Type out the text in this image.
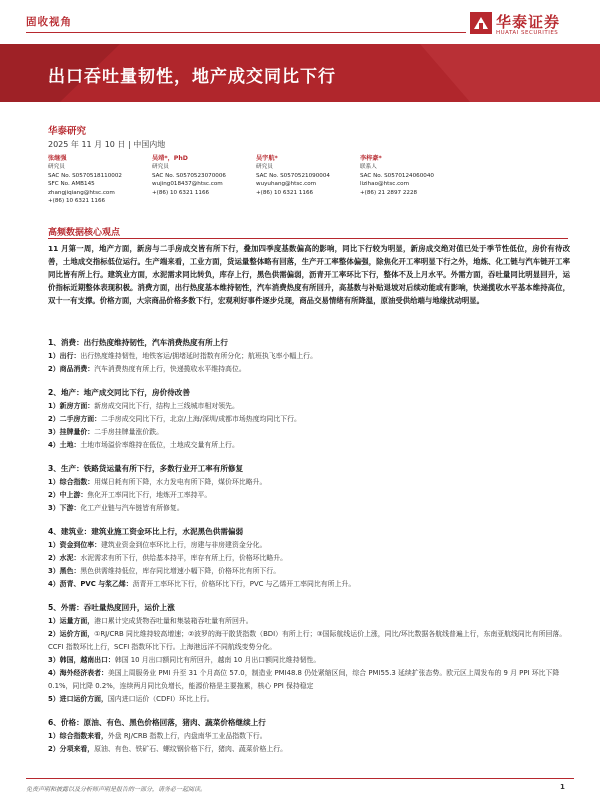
固收视角	华泰证券
HUATAI SECURITIES
出口吞吐量韧性，地产成交同比下行
华泰研究
2025 年 11 月 10 日 | 中国内地
张继强
研究员
SAC No. S0570518110002
SFC No. AMB145
zhangjiqiang@htsc.com
+(86) 10 6321 1166
吴靖*，PhD
研究员
SAC No. S0570523070006
wujing018437@htsc.com
+(86) 10 6321 1166
吴宇航*
研究员
SAC No. S0570521090004
wuyuhang@htsc.com
+(86) 10 6321 1166
李梓豪*
联系人
SAC No. S0570124060040
lizihao@htsc.com
+(86) 21 2897 2228
高频数据核心观点
11 月第一周，地产方面，新房与二手房成交皆有所下行，叠加四季度基数偏高的影响，同比下行较为明显，新房成交绝对值已处于季节性低位，房价有待改善，土地成交指标低位运行。生产端来看，工业方面，货运量整体略有回落，生产开工率整体偏强，除焦化开工率明显下行之外，地炼、化工链与汽车链开工率同比皆有所上行。建筑业方面，水泥需求同比转负，库存上行，黑色供需偏弱，沥青开工率环比下行，整体不及上月水平。外需方面，吞吐量同比明显回升，运价指标近期整体表现积极。消费方面，出行热度基本维持韧性，汽车消费热度有所回升，高基数与补贴退坡对后续动能或有影响，快递揽收水平基本维持高位，双十一有支撑。价格方面，大宗商品价格多数下行，宏观利好事件逐步兑现，商品交易情绪有所降温，原油受供给端与地缘扰动明显。
1、消费：出行热度维持韧性，汽车消费热度有所上行
1）出行：出行热度维持韧性，地铁客运/拥堵延时指数有所分化；航班执飞率小幅上行。
2）商品消费：汽车消费热度有所上行，快递揽收水平维持高位。
2、地产：地产成交同比下行，房价待改善
1）新房方面：新房成交同比下行，结构上三线城市相对领先。
2）二手房方面：二手房成交同比下行，北京/上海/深圳/成都市场热度均同比下行。
3）挂牌量价：二手房挂牌量涨价跌。
4）土地：土地市场溢价率维持在低位，土地成交量有所上行。
3、生产：铁路货运量有所下行，多数行业开工率有所修复
1）综合指数：用煤日耗有所下降，水力发电有所下降，煤价环比略升。
2）中上游：焦化开工率同比下行，地炼开工率持平。
3）下游：化工产业链与汽车链皆有所修复。
4、建筑业：建筑业施工资金环比上行，水泥黑色供需偏弱
1）资金到位率：建筑业资金到位率环比上行，房建与非房建资金分化。
2）水泥：水泥需求有所下行，供给基本持平，库存有所上行，价格环比略升。
3）黑色：黑色供需维持低位，库存同比增速小幅下降，价格环比有所下行。
4）沥青、PVC 与浆乙烯：沥青开工率环比下行，价格环比下行，PVC 与乙烯开工率同比有所上升。
5、外需：吞吐量热度回升，运价上涨
1）运量方面，港口累计完成货物吞吐量和集装箱吞吐量有所回升。
2）运价方面，①RJ/CRB 同比维持较高增速；②波罗的海干散货指数（BDI）有所上行；③国际航线运价上涨，同比/环比数据各航线普遍上行，东南亚航线同比有所回落。CCFI 指数环比上行，SCFI 指数环比下行。上海港远洋不同航线变势分化。
3）韩国，越南出口：韩国 10 月出口额同比有所回升，越南 10 月出口额同比维持韧性。
4）海外经济表者：美国上周服务业 PMI 升至 31 个月高位 57.0，制造业 PMI48.8 仍处紧缩区间，综合 PMI55.3 延续扩张态势。欧元区上周发布的 9 月 PPI 环比下降 0.1%，同比降 0.2%，连续两月同比负增长，能源价格是主要拖累，核心 PPI 保持稳定
5）进口运价方面，国内进口运价（CDFI）环比上行。
6、价格：原油、有色、黑色价格回落，猪肉、蔬菜价格继续上行
1）综合指数来看，外盘 RJ/CRB 指数上行，内盘南华工业品指数下行。
2）分项来看，原油、有色、铁矿石、螺纹钢价格下行，猪肉、蔬菜价格上行。
免责声明和披露以及分析师声明是报告的一部分，请务必一起阅读。	1
